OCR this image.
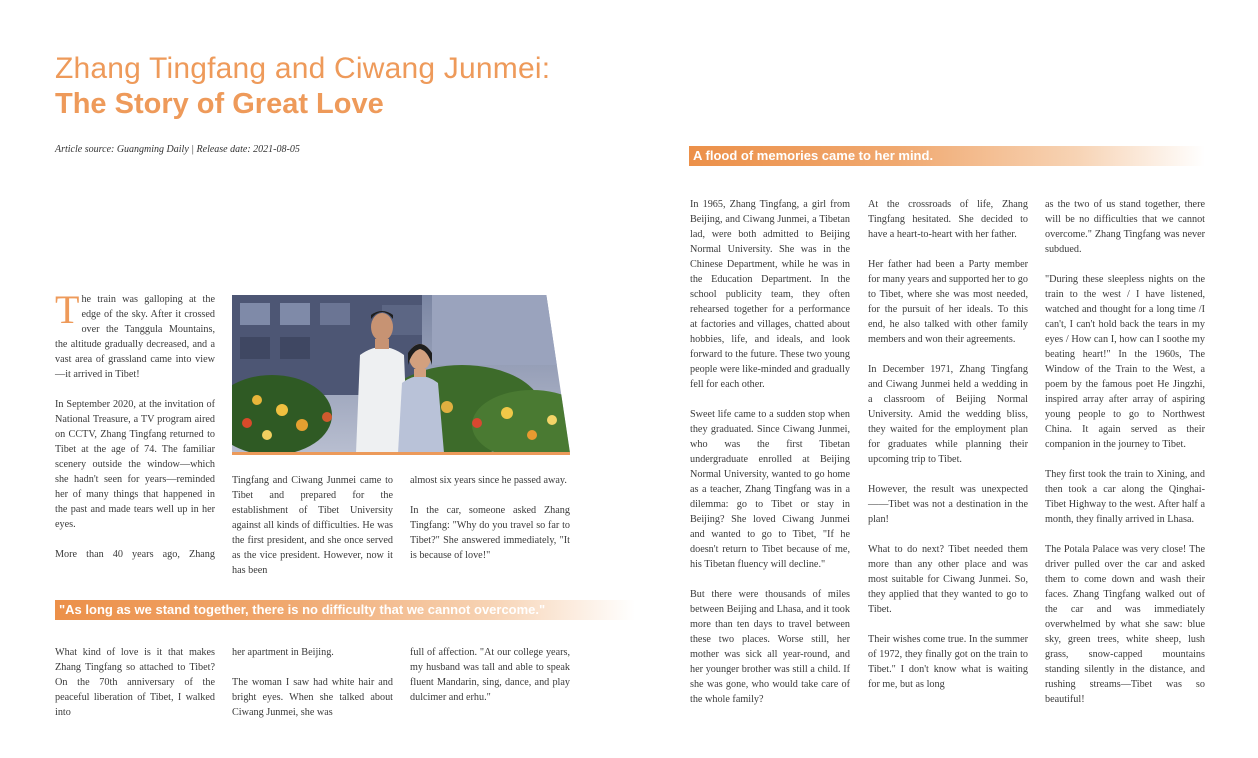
Zhang Tingfang and Ciwang Junmei:
The Story of Great Love
Article source: Guangming Daily | Release date: 2021-08-05	A flood of memories came to her mind.
"As long as we stand together, there is no difficulty that we cannot overcome."

The train was galloping at the edge of the sky. After it crossed over the Tanggula Mountains, the altitude gradually decreased, and a vast area of grassland came into view—it arrived in Tibet!

In September 2020, at the invitation of National Treasure, a TV program aired on CCTV, Zhang Tingfang returned to Tibet at the age of 74. The familiar scenery outside the window—which she hadn't seen for years—reminded her of many things that happened in the past and made tears well up in her eyes.

More than 40 years ago, Zhang

Tingfang and Ciwang Junmei came to Tibet and prepared for the establishment of Tibet University against all kinds of difficulties. He was the first president, and she once served as the vice president. However, now it has been

almost six years since he passed away.

In the car, someone asked Zhang Tingfang: "Why do you travel so far to Tibet?" She answered immediately, "It is because of love!"

What kind of love is it that makes Zhang Tingfang so attached to Tibet? On the 70th anniversary of the peaceful liberation of Tibet, I walked into

her apartment in Beijing.

The woman I saw had white hair and bright eyes. When she talked about Ciwang Junmei, she was

full of affection. "At our college years, my husband was tall and able to speak fluent Mandarin, sing, dance, and play dulcimer and erhu."

In 1965, Zhang Tingfang, a girl from Beijing, and Ciwang Junmei, a Tibetan lad, were both admitted to Beijing Normal University. She was in the Chinese Department, while he was in the Education Department. In the school publicity team, they often rehearsed together for a performance at factories and villages, chatted about hobbies, life, and ideals, and look forward to the future. These two young people were like-minded and gradually fell for each other.

Sweet life came to a sudden stop when they graduated. Since Ciwang Junmei, who was the first Tibetan undergraduate enrolled at Beijing Normal University, wanted to go home as a teacher, Zhang Tingfang was in a dilemma: go to Tibet or stay in Beijing? She loved Ciwang Junmei and wanted to go to Tibet, "If he doesn't return to Tibet because of me, his Tibetan fluency will decline."

But there were thousands of miles between Beijing and Lhasa, and it took more than ten days to travel between these two places. Worse still, her mother was sick all year-round, and her younger brother was still a child. If she was gone, who would take care of the whole family?

At the crossroads of life, Zhang Tingfang hesitated. She decided to have a heart-to-heart with her father.

Her father had been a Party member for many years and supported her to go to Tibet, where she was most needed, for the pursuit of her ideals. To this end, he also talked with other family members and won their agreements.

In December 1971, Zhang Tingfang and Ciwang Junmei held a wedding in a classroom of Beijing Normal University. Amid the wedding bliss, they waited for the employment plan for graduates while planning their upcoming trip to Tibet.

However, the result was unexpected——Tibet was not a destination in the plan!

What to do next? Tibet needed them more than any other place and was most suitable for Ciwang Junmei. So, they applied that they wanted to go to Tibet.

Their wishes come true. In the summer of 1972, they finally got on the train to Tibet." I don't know what is waiting for me, but as long

as the two of us stand together, there will be no difficulties that we cannot overcome." Zhang Tingfang was never subdued.

"During these sleepless nights on the train to the west / I have listened, watched and thought for a long time /I can't, I can't hold back the tears in my eyes / How can I, how can I soothe my beating heart!" In the 1960s, The Window of the Train to the West, a poem by the famous poet He Jingzhi, inspired array after array of aspiring young people to go to Northwest China. It again served as their companion in the journey to Tibet.

They first took the train to Xining, and then took a car along the Qinghai-Tibet Highway to the west. After half a month, they finally arrived in Lhasa.

The Potala Palace was very close! The driver pulled over the car and asked them to come down and wash their faces. Zhang Tingfang walked out of the car and was immediately overwhelmed by what she saw: blue sky, green trees, white sheep, lush grass, snow-capped mountains standing silently in the distance, and rushing streams—Tibet was so beautiful!
